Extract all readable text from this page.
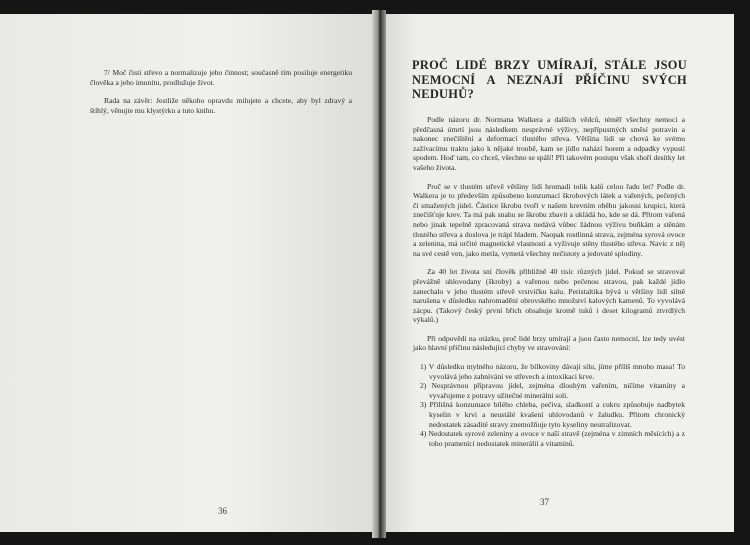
7/ Moč čistí střevo a normalizuje jeho činnost; současně tím posiluje energetiku člověka a jeho imunitu, prodlužuje život.

Rada na závěr: Jestliže někoho opravdu milujete a chcete, aby byl zdravý a štíhlý, věnujte mu klystýrku a tuto knihu.

36
PROČ LIDÉ BRZY UMÍRAJÍ, STÁLE JSOU NEMOCNÍ A NEZNAJÍ PŘÍČINU SVÝCH NEDUHŮ?

Podle názoru dr. Normana Walkera a dalších vědců, téměř všechny nemoci a předčasná úmrtí jsou následkem nesprávné výživy, nepřípustných směsí potravin a nakonec znečištění a deformací tlustého střeva. Většina lidí se chová ke svému zažívacímu traktu jako k nějaké troubě, kam se jídlo nahází horem a odpadky vypustí spodem. Hoď tam, co chceš, všechno se spálí! Při takovém postupu však shoří desítky let vašeho života.

Proč se v tlustém střevě většiny lidí hromadí tolik kalů celou řadu let? Podle dr. Walkera je to především způsobeno konzumací škrobových látek a vařených, pečených či smažených jídel. Částice škrobu tvoří v našem krevním oběhu jakousi krupici, která znečišťuje krev. Ta má pak snahu se škrobu zbavit a ukládá ho, kde se dá. Přitom vařená nebo jinak tepelně zpracovaná strava nedává vůbec žádnou výživu buňkám a stěnám tlustého střeva a doslova je trápí hladem. Naopak rostlinná strava, zejména syrová ovoce a zelenina, má určité magnetické vlastnosti a vyživuje stěny tlustého střeva. Navíc z něj na své cestě ven, jako metla, vymetá všechny nečistoty a jedovaté splodiny.

Za 40 let života sní člověk přibližně 40 tisíc různých jídel. Pokud se stravoval převážně uhlovodany (škroby) a vařenou nebo pečenou stravou, pak každé jídlo zanechalo v jeho tlustém střevě vrstvičku kalu. Peristaltika bývá u většiny lidí silně narušena v důsledku nahromadění obrovského množství kalových kamenů. To vyvolává zácpu. (Takový český první břich obsahuje kromě tuků i deset kilogramů ztvrdlých výkalů.)

Při odpovědi na otázku, proč lidé brzy umírají a jsou často nemocní, lze tedy uvést jako hlavní příčinu následující chyby ve stravování:

1) V důsledku mylného názoru, že bílkoviny dávají sílu, jíme příliš mnoho masa! To vyvolává jeho zahnívání ve střevech a intoxikaci krve.
2) Nesprávnou přípravou jídel, zejména dlouhým vařením, ničíme vitamíny a vyvařujeme z potravy užitečné minerální soli.
3) Přílišná konzumace bílého chleba, pečiva, sladkostí a cukru způsobuje nadbytek kyselin v krvi a neustálé kvašení uhlovodanů v žaludku. Přitom chronický nedostatek zásadité stravy znemožňuje tyto kyseliny neutralizovat.
4) Nedostatek syrové zeleniny a ovoce v naší stravě (zejména v zimních měsících) a z toho pramenící nedostatek minerálií a vitamínů.
37
